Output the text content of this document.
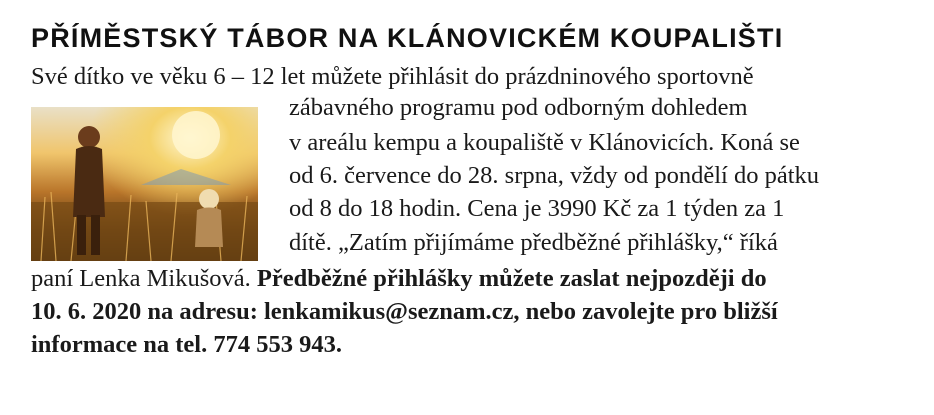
PŘÍMĚSTSKÝ TÁBOR NA KLÁNOVICKÉM KOUPALIŠTI
Své dítko ve věku 6 – 12 let můžete přihlásit do prázdninového sportovně
zábavného programu pod odborným dohledem
v areálu kempu a koupaliště v Klánovicích. Koná se
od 6. července do 28. srpna, vždy od pondělí do pátku
od 8 do 18 hodin. Cena je 3990 Kč za 1 týden za 1
dítě. „Zatím přijímáme předběžné přihlášky,“ říká
paní Lenka Mikušová. Předběžné přihlášky můžete zaslat nejpozději do
10. 6. 2020 na adresu: lenkamikus@seznam.cz, nebo zavolejte pro bližší
informace na tel. 774 553 943.
